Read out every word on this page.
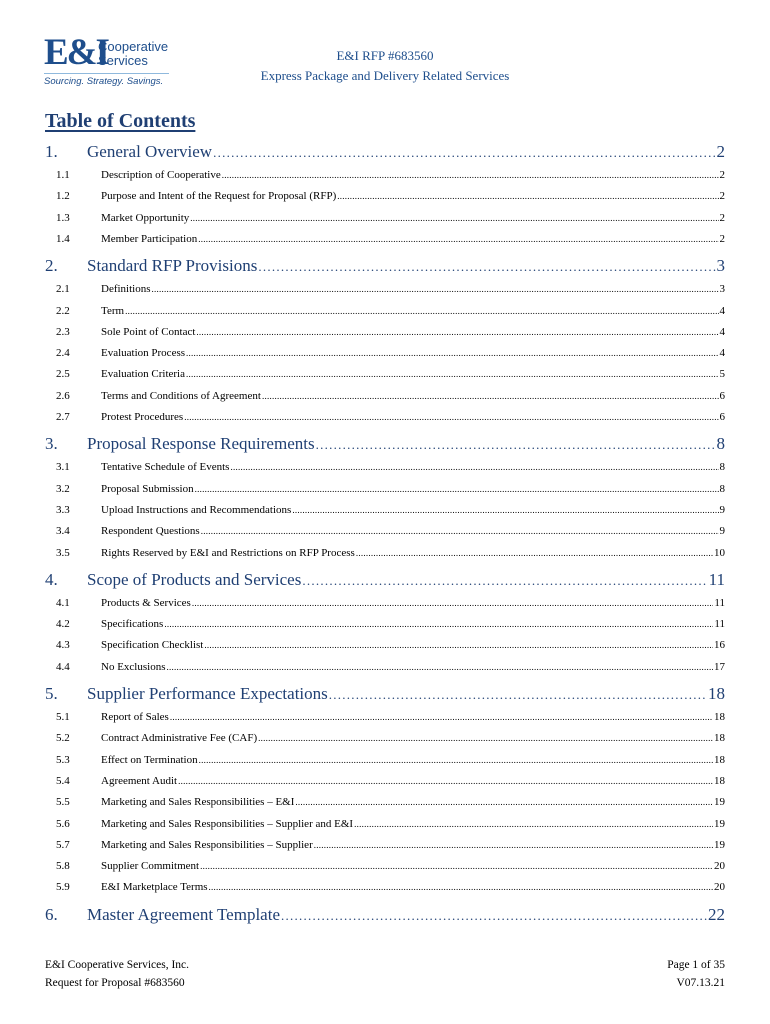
E&I
Cooperative
Services
Sourcing. Strategy. Savings.
E&I RFP #683560
Express Package and Delivery Related Services
Table of Contents
1.	General Overview . . .	2
1.1	Description of Cooperative . . .	2
1.2	Purpose and Intent of the Request for Proposal (RFP) . . .	2
1.3	Market Opportunity . . .	2
1.4	Member Participation . . .	2
2.	Standard RFP Provisions . . .	3
2.1	Definitions . . .	3
2.2	Term . . .	4
2.3	Sole Point of Contact . . .	4
2.4	Evaluation Process . . .	4
2.5	Evaluation Criteria . . .	5
2.6	Terms and Conditions of Agreement . . .	6
2.7	Protest Procedures . . .	6
3.	Proposal Response Requirements . . .	8
3.1	Tentative Schedule of Events . . .	8
3.2	Proposal Submission . . .	8
3.3	Upload Instructions and Recommendations . . .	9
3.4	Respondent Questions . . .	9
3.5	Rights Reserved by E&I and Restrictions on RFP Process . . .	10
4.	Scope of Products and Services . . .	11
4.1	Products & Services . . .	11
4.2	Specifications . . .	11
4.3	Specification Checklist . . .	16
4.4	No Exclusions . . .	17
5.	Supplier Performance Expectations . . .	18
5.1	Report of Sales . . .	18
5.2	Contract Administrative Fee (CAF) . . .	18
5.3	Effect on Termination . . .	18
5.4	Agreement Audit . . .	18
5.5	Marketing and Sales Responsibilities – E&I . . .	19
5.6	Marketing and Sales Responsibilities – Supplier and E&I . . .	19
5.7	Marketing and Sales Responsibilities – Supplier . . .	19
5.8	Supplier Commitment . . .	20
5.9	E&I Marketplace Terms . . .	20
6.	Master Agreement Template . . .	22
E&I Cooperative Services, Inc.
Request for Proposal #683560
Page 1 of 35
V07.13.21
